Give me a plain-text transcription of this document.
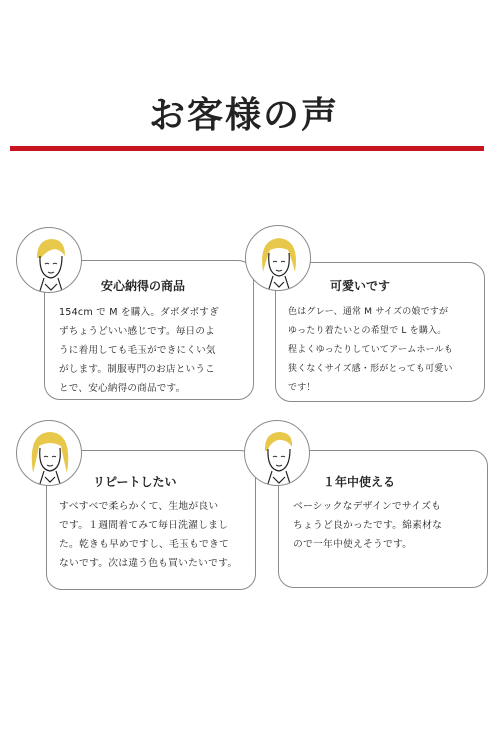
お客様の声
安心納得の商品
154cm で M を購入。ダボダボすぎ
ずちょうどいい感じです。毎日のよ
うに着用しても毛玉ができにくい気
がします。制服専門のお店というこ
とで、安心納得の商品です。
可愛いです
色はグレー、通常 M サイズの娘ですが
ゆったり着たいとの希望で L を購入。
程よくゆったりしていてアームホールも
狭くなくサイズ感・形がとっても可愛い
です！
リピートしたい
すべすべで柔らかくて、生地が良い
です。１週間着てみて毎日洗濯しまし
た。乾きも早めですし、毛玉もできて
ないです。次は違う色も買いたいです。
１年中使える
ベーシックなデザインでサイズも
ちょうど良かったです。綿素材な
ので一年中使えそうです。
